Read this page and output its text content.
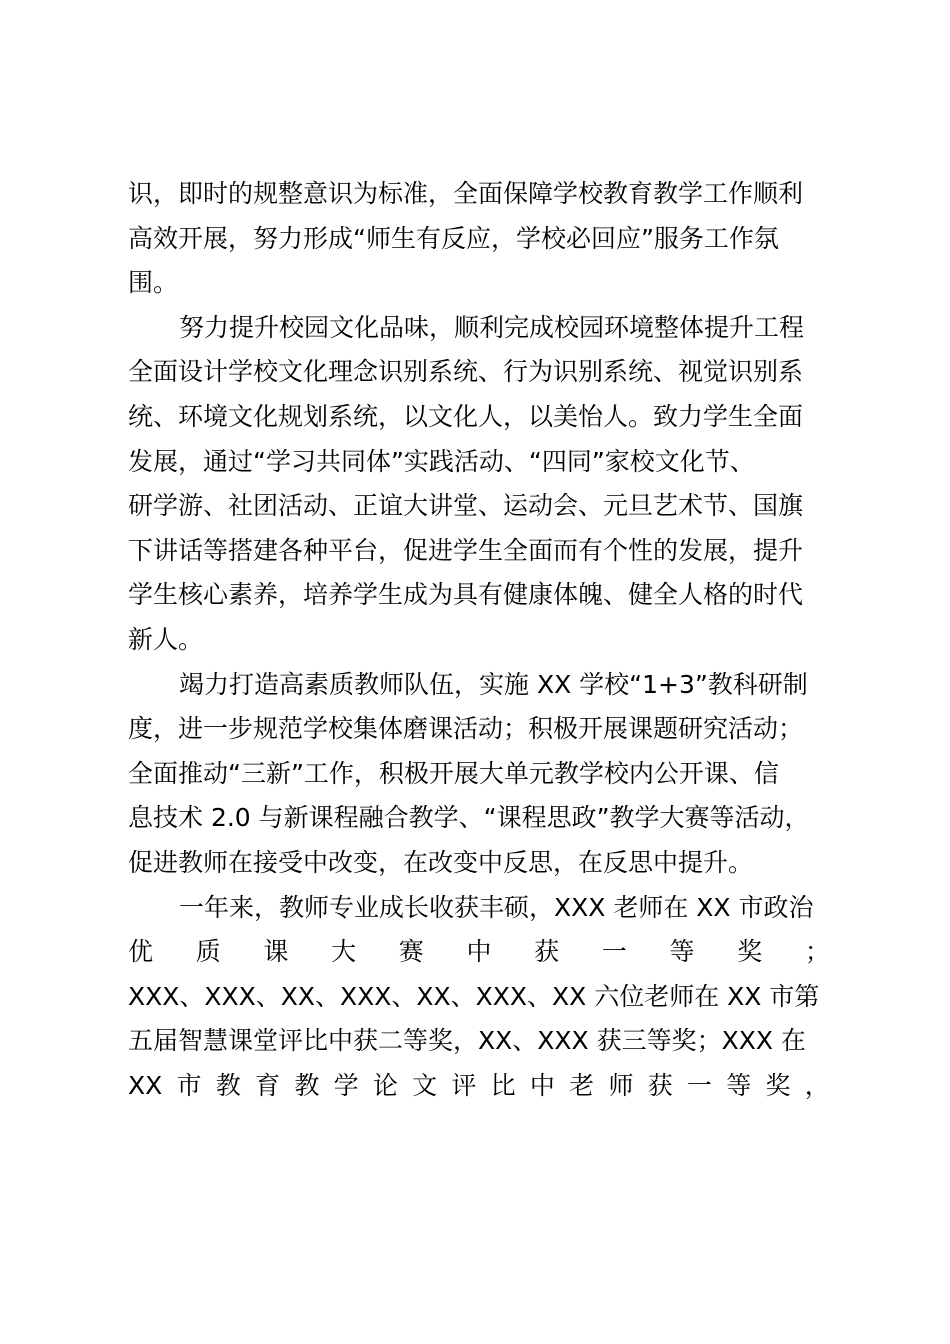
识，即时的规整意识为标准，全面保障学校教育教学工作顺利
高效开展，努力形成“师生有反应，学校必回应”服务工作氛
围。
努力提升校园文化品味，顺利完成校园环境整体提升工程
全面设计学校文化理念识别系统、行为识别系统、视觉识别系
统、环境文化规划系统，以文化人，以美怡人。致力学生全面
发展，通过“学习共同体”实践活动、“四同”家校文化节、
研学游、社团活动、正谊大讲堂、运动会、元旦艺术节、国旗
下讲话等搭建各种平台，促进学生全面而有个性的发展，提升
学生核心素养，培养学生成为具有健康体魄、健全人格的时代
新人。
竭力打造高素质教师队伍，实施 XX 学校“1+3”教科研制
度，进一步规范学校集体磨课活动；积极开展课题研究活动；
全面推动“三新”工作，积极开展大单元教学校内公开课、信
息技术 2.0 与新课程融合教学、“课程思政”教学大赛等活动，
促进教师在接受中改变，在改变中反思，在反思中提升。
一年来，教师专业成长收获丰硕，XXX 老师在 XX 市政治
优 质 课 大 赛 中 获 一 等 奖 ；
XXX、XXX、XX、XXX、XX、XXX、XX 六位老师在 XX 市第
五届智慧课堂评比中获二等奖，XX、XXX 获三等奖；XXX 在
XX 市 教 育 教 学 论 文 评 比 中 老 师 获 一 等 奖 ，
